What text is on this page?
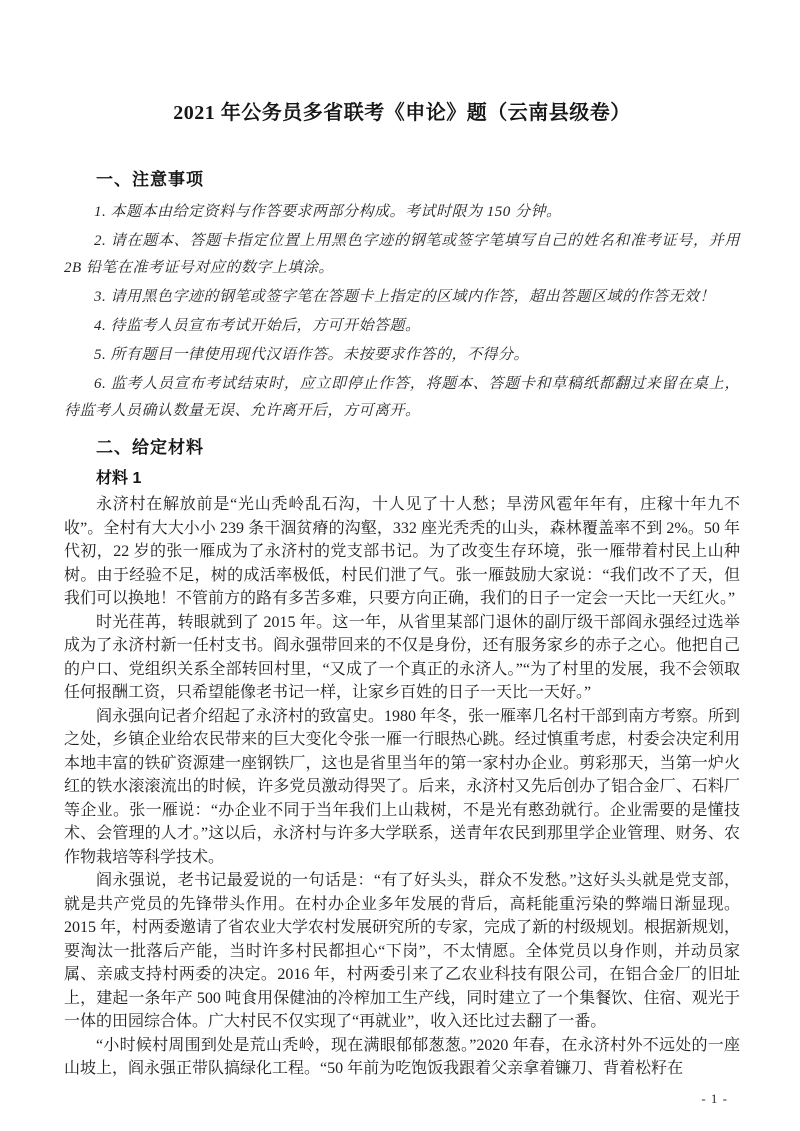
2021 年公务员多省联考《申论》题（云南县级卷）
一、注意事项

1. 本题本由给定资料与作答要求两部分构成。考试时限为 150 分钟。

2. 请在题本、答题卡指定位置上用黑色字迹的钢笔或签字笔填写自己的姓名和准考证号，并用 2B 铅笔在准考证号对应的数字上填涂。

3. 请用黑色字迹的钢笔或签字笔在答题卡上指定的区域内作答，超出答题区域的作答无效！

4. 待监考人员宣布考试开始后，方可开始答题。

5. 所有题目一律使用现代汉语作答。未按要求作答的，不得分。

6. 监考人员宣布考试结束时，应立即停止作答，将题本、答题卡和草稿纸都翻过来留在桌上，待监考人员确认数量无误、允许离开后，方可离开。

二、给定材料
材料 1

永济村在解放前是“光山秃岭乱石沟，十人见了十人愁；旱涝风雹年年有，庄稼十年九不收”。全村有大大小小 239 条干涸贫瘠的沟壑，332 座光秃秃的山头，森林覆盖率不到 2%。50 年代初，22 岁的张一雁成为了永济村的党支部书记。为了改变生存环境，张一雁带着村民上山种树。由于经验不足，树的成活率极低，村民们泄了气。张一雁鼓励大家说：“我们改不了天，但我们可以换地！不管前方的路有多苦多难，只要方向正确，我们的日子一定会一天比一天红火。”

时光荏苒，转眼就到了 2015 年。这一年，从省里某部门退休的副厅级干部阎永强经过选举成为了永济村新一任村支书。阎永强带回来的不仅是身份，还有服务家乡的赤子之心。他把自己的户口、党组织关系全部转回村里，“又成了一个真正的永济人。”“为了村里的发展，我不会领取任何报酬工资，只希望能像老书记一样，让家乡百姓的日子一天比一天好。”

阎永强向记者介绍起了永济村的致富史。1980 年冬，张一雁率几名村干部到南方考察。所到之处，乡镇企业给农民带来的巨大变化令张一雁一行眼热心跳。经过慎重考虑，村委会决定利用本地丰富的铁矿资源建一座钢铁厂，这也是省里当年的第一家村办企业。剪彩那天，当第一炉火红的铁水滚滚流出的时候，许多党员激动得哭了。后来，永济村又先后创办了铝合金厂、石料厂等企业。张一雁说：“办企业不同于当年我们上山栽树，不是光有憨劲就行。企业需要的是懂技术、会管理的人才。”这以后，永济村与许多大学联系，送青年农民到那里学企业管理、财务、农作物栽培等科学技术。

阎永强说，老书记最爱说的一句话是：“有了好头头，群众不发愁。”这好头头就是党支部，就是共产党员的先锋带头作用。在村办企业多年发展的背后，高耗能重污染的弊端日渐显现。2015 年，村两委邀请了省农业大学农村发展研究所的专家，完成了新的村级规划。根据新规划，要淘汰一批落后产能，当时许多村民都担心“下岗”，不太情愿。全体党员以身作则，并动员家属、亲戚支持村两委的决定。2016 年，村两委引来了乙农业科技有限公司，在铝合金厂的旧址上，建起一条年产 500 吨食用保健油的冷榨加工生产线，同时建立了一个集餐饮、住宿、观光于一体的田园综合体。广大村民不仅实现了“再就业”，收入还比过去翻了一番。

“小时候村周围到处是荒山秃岭，现在满眼郁郁葱葱。”2020 年春，在永济村外不远处的一座山坡上，阎永强正带队搞绿化工程。“50 年前为吃饱饭我跟着父亲拿着镰刀、背着松籽在

- 1 -
